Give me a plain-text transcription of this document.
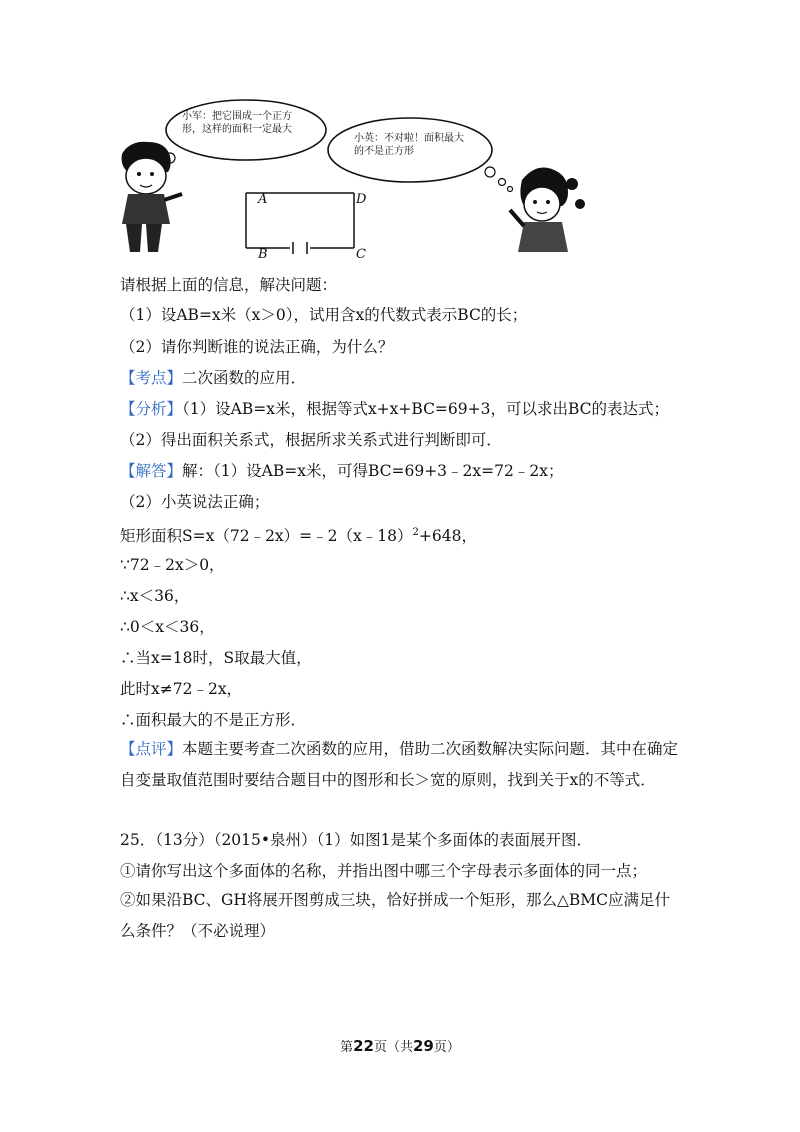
小军：把它围成一个正方形，这样的面积一定最大
小英：不对啦！面积最大的不是正方形
A	D
B	C
请根据上面的信息，解决问题：
（1）设AB=x米（x＞0），试用含x的代数式表示BC的长；
（2）请你判断谁的说法正确，为什么？
【考点】二次函数的应用．
【分析】（1）设AB=x米，根据等式x+x+BC=69+3，可以求出BC的表达式；
（2）得出面积关系式，根据所求关系式进行判断即可．
【解答】解：（1）设AB=x米，可得BC=69+3﹣2x=72﹣2x；
（2）小英说法正确；
矩形面积S=x（72﹣2x）=﹣2（x﹣18）$^2$+648，
∵72﹣2x＞0，
∴x＜36，
∴0＜x＜36，
∴当x=18时，S取最大值，
此时x≠72﹣2x，
∴面积最大的不是正方形．
【点评】本题主要考查二次函数的应用，借助二次函数解决实际问题．其中在确定自变量取值范围时要结合题目中的图形和长＞宽的原则，找到关于x的不等式．
25．（13分）（2015•泉州）（1）如图1是某个多面体的表面展开图．
①请你写出这个多面体的名称，并指出图中哪三个字母表示多面体的同一点；
②如果沿BC、GH将展开图剪成三块，恰好拼成一个矩形，那么△BMC应满足什么条件？（不必说理）
第22页（共29页）
